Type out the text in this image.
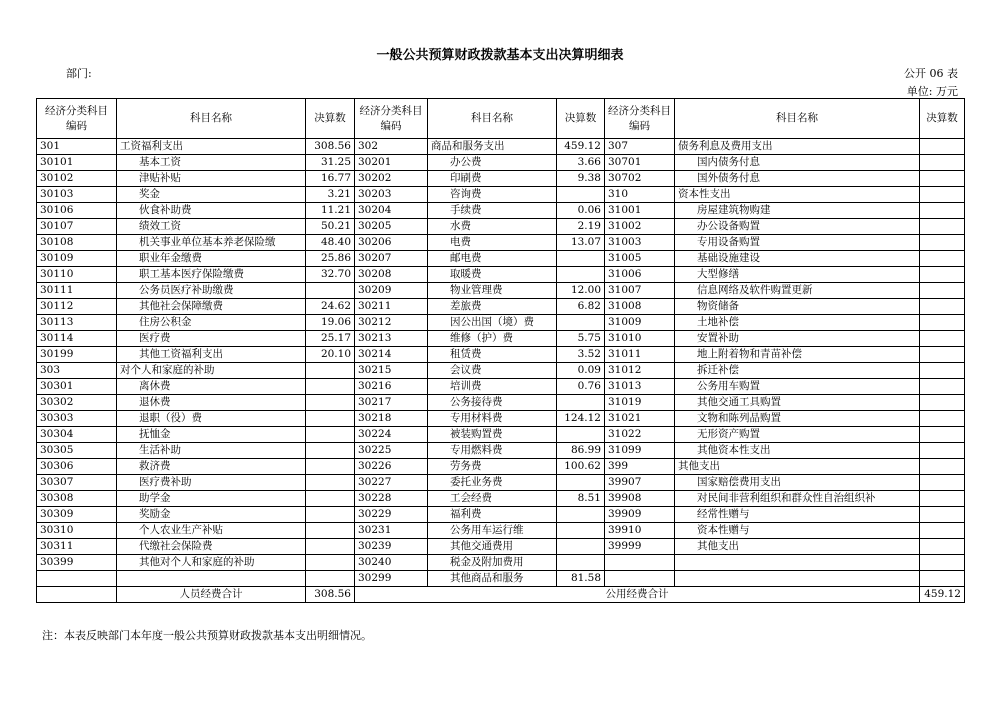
一般公共预算财政拨款基本支出决算明细表
部门:	公开 06 表
单位: 万元
经济分类科目编码	科目名称	决算数	经济分类科目编码	科目名称	决算数	经济分类科目编码	科目名称	决算数
301	工资福利支出	308.56	302	商品和服务支出	459.12	307	债务利息及费用支出	
30101	基本工资	31.25	30201	办公费	3.66	30701	国内债务付息	
30102	津贴补贴	16.77	30202	印刷费	9.38	30702	国外债务付息	
30103	奖金	3.21	30203	咨询费		310	资本性支出	
30106	伙食补助费	11.21	30204	手续费	0.06	31001	房屋建筑物购建	
30107	绩效工资	50.21	30205	水费	2.19	31002	办公设备购置	
30108	机关事业单位基本养老保险缴	48.40	30206	电费	13.07	31003	专用设备购置	
30109	职业年金缴费	25.86	30207	邮电费		31005	基础设施建设	
30110	职工基本医疗保险缴费	32.70	30208	取暖费		31006	大型修缮	
30111	公务员医疗补助缴费		30209	物业管理费	12.00	31007	信息网络及软件购置更新	
30112	其他社会保障缴费	24.62	30211	差旅费	6.82	31008	物资储备	
30113	住房公积金	19.06	30212	因公出国（境）费		31009	土地补偿	
30114	医疗费	25.17	30213	维修（护）费	5.75	31010	安置补助	
30199	其他工资福利支出	20.10	30214	租赁费	3.52	31011	地上附着物和青苗补偿	
303	对个人和家庭的补助		30215	会议费	0.09	31012	拆迁补偿	
30301	离休费		30216	培训费	0.76	31013	公务用车购置	
30302	退休费		30217	公务接待费		31019	其他交通工具购置	
30303	退职（役）费		30218	专用材料费	124.12	31021	文物和陈列品购置	
30304	抚恤金		30224	被装购置费		31022	无形资产购置	
30305	生活补助		30225	专用燃料费	86.99	31099	其他资本性支出	
30306	救济费		30226	劳务费	100.62	399	其他支出	
30307	医疗费补助		30227	委托业务费		39907	国家赔偿费用支出	
30308	助学金		30228	工会经费	8.51	39908	对民间非营利组织和群众性自治组织补	
30309	奖励金		30229	福利费		39909	经常性赠与	
30310	个人农业生产补贴		30231	公务用车运行维		39910	资本性赠与	
30311	代缴社会保险费		30239	其他交通费用		39999	其他支出	
30399	其他对个人和家庭的补助		30240	税金及附加费用				
			30299	其他商品和服务	81.58			
	人员经费合计	308.56	公用经费合计					459.12
注：本表反映部门本年度一般公共预算财政拨款基本支出明细情况。
